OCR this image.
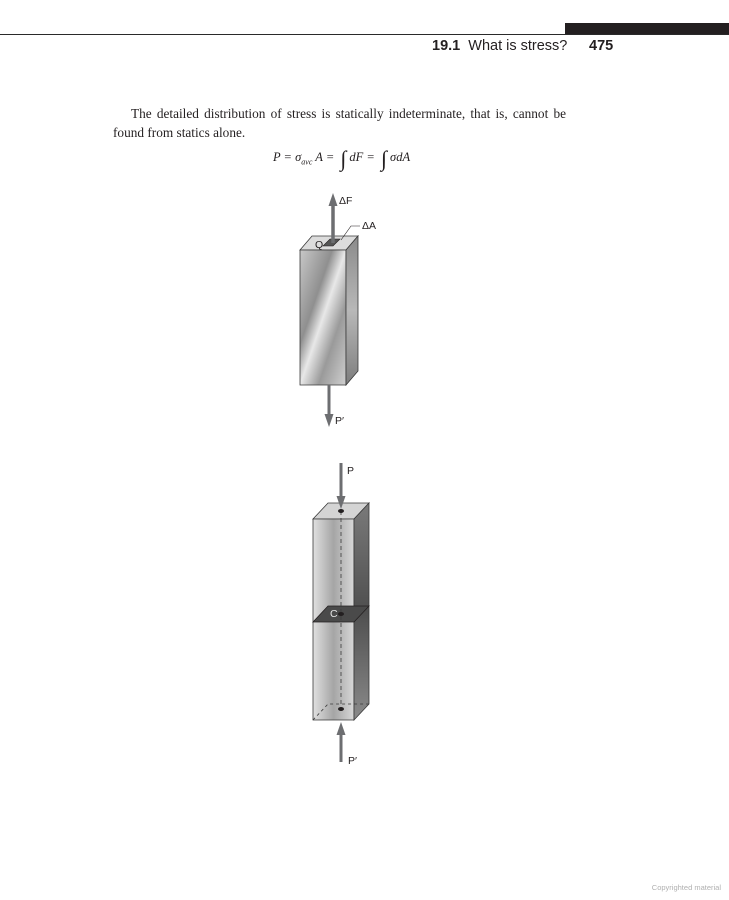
19.1 What is stress? 475
The detailed distribution of stress is statically indeterminate, that is, cannot be found from statics alone.
$P = \sigma_{avc}$ A = ∫ dF = ∫ σdA
ΔF
ΔA
Q
P′
P
C
P′
Copyrighted material
